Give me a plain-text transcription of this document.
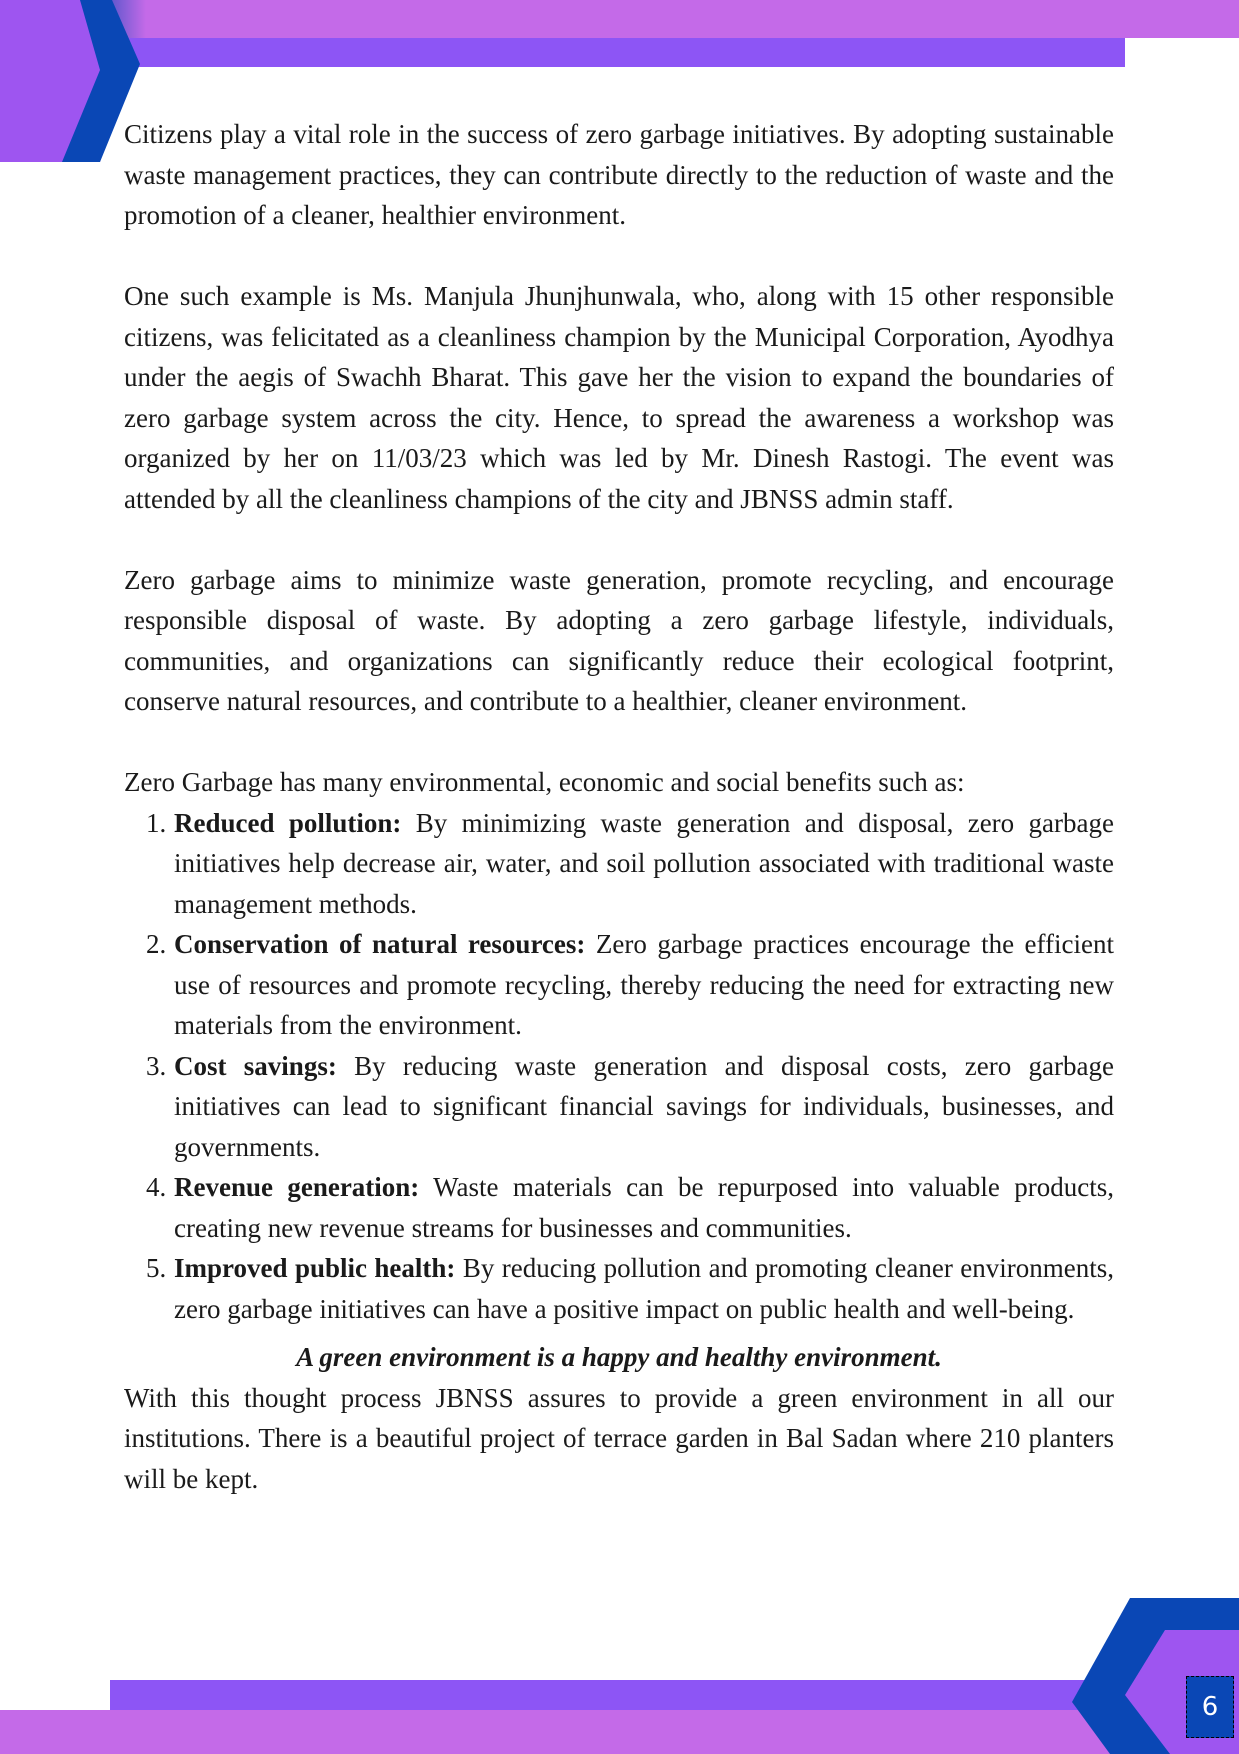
Citizens play a vital role in the success of zero garbage initiatives. By adopting sustainable waste management practices, they can contribute directly to the reduction of waste and the promotion of a cleaner, healthier environment.

One such example is Ms. Manjula Jhunjhunwala, who, along with 15 other responsible citizens, was felicitated as a cleanliness champion by the Municipal Corporation, Ayodhya under the aegis of Swachh Bharat. This gave her the vision to expand the boundaries of zero garbage system across the city. Hence, to spread the awareness a workshop was organized by her on 11/03/23 which was led by Mr. Dinesh Rastogi. The event was attended by all the cleanliness champions of the city and JBNSS admin staff.

Zero garbage aims to minimize waste generation, promote recycling, and encourage responsible disposal of waste. By adopting a zero garbage lifestyle, individuals, communities, and organizations can significantly reduce their ecological footprint, conserve natural resources, and contribute to a healthier, cleaner environment.

Zero Garbage has many environmental, economic and social benefits such as:

1. Reduced pollution: By minimizing waste generation and disposal, zero garbage initiatives help decrease air, water, and soil pollution associated with traditional waste management methods.
2. Conservation of natural resources: Zero garbage practices encourage the efficient use of resources and promote recycling, thereby reducing the need for extracting new materials from the environment.
3. Cost savings: By reducing waste generation and disposal costs, zero garbage initiatives can lead to significant financial savings for individuals, businesses, and governments.
4. Revenue generation: Waste materials can be repurposed into valuable products, creating new revenue streams for businesses and communities.
5. Improved public health: By reducing pollution and promoting cleaner environments, zero garbage initiatives can have a positive impact on public health and well-being.

A green environment is a happy and healthy environment.

With this thought process JBNSS assures to provide a green environment in all our institutions. There is a beautiful project of terrace garden in Bal Sadan where 210 planters will be kept.

6
